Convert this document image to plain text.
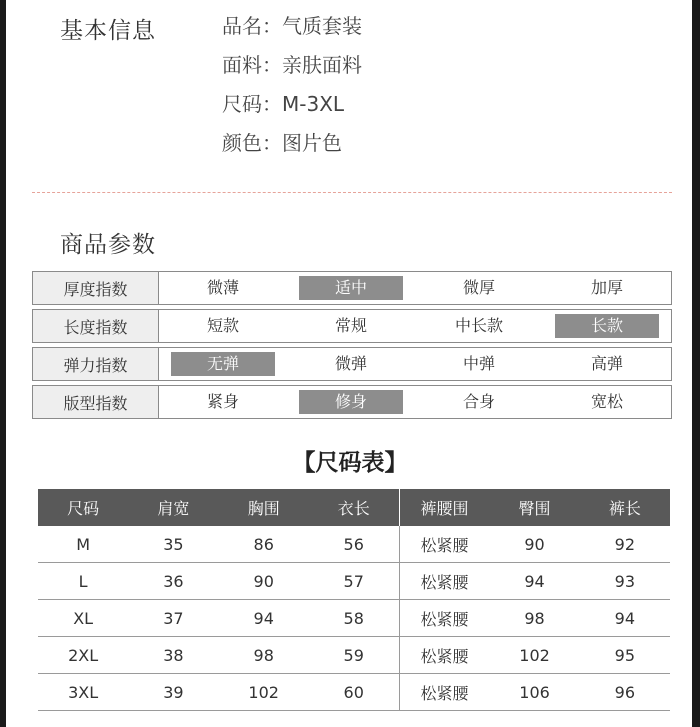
基本信息	品名：气质套装
面料：亲肤面料
尺码：M-3XL
颜色：图片色
商品参数
厚度指数	微薄	适中	微厚	加厚
长度指数	短款	常规	中长款	长款
弹力指数	无弹	微弹	中弹	高弹
版型指数	紧身	修身	合身	宽松
【尺码表】
尺码	肩宽	胸围	衣长	裤腰围	臀围	裤长
M	35	86	56	松紧腰	90	92
L	36	90	57	松紧腰	94	93
XL	37	94	58	松紧腰	98	94
2XL	38	98	59	松紧腰	102	95
3XL	39	102	60	松紧腰	106	96
